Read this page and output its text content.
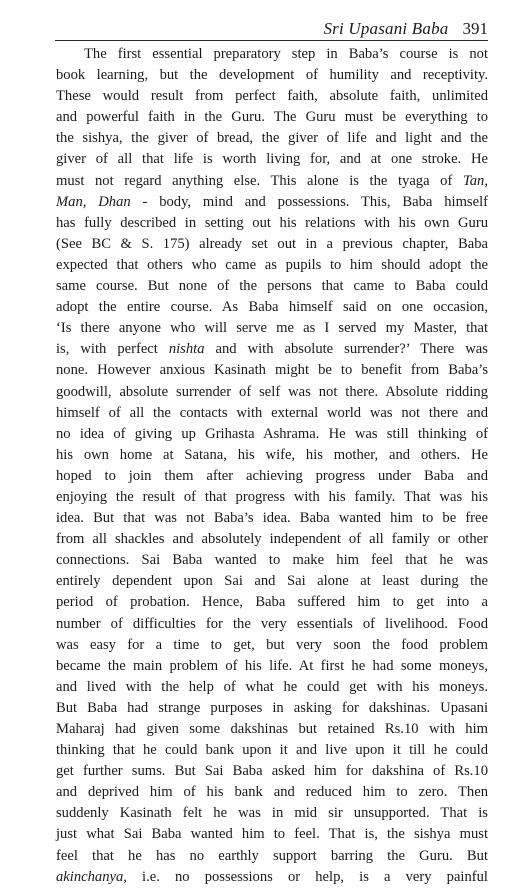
Sri Upasani Baba 391
The first essential preparatory step in Baba’s course is not
book learning, but the development of humility and receptivity.
These would result from perfect faith, absolute faith, unlimited
and powerful faith in the Guru. The Guru must be everything to
the sishya, the giver of bread, the giver of life and light and the
giver of all that life is worth living for, and at one stroke. He
must not regard anything else. This alone is the tyaga of Tan,
Man, Dhan - body, mind and possessions. This, Baba himself
has fully described in setting out his relations with his own Guru
(See BC & S. 175) already set out in a previous chapter, Baba
expected that others who came as pupils to him should adopt the
same course. But none of the persons that came to Baba could
adopt the entire course. As Baba himself said on one occasion,
‘Is there anyone who will serve me as I served my Master, that
is, with perfect nishta and with absolute surrender?’ There was
none. However anxious Kasinath might be to benefit from Baba’s
goodwill, absolute surrender of self was not there. Absolute ridding
himself of all the contacts with external world was not there and
no idea of giving up Grihasta Ashrama. He was still thinking of
his own home at Satana, his wife, his mother, and others. He
hoped to join them after achieving progress under Baba and
enjoying the result of that progress with his family. That was his
idea. But that was not Baba’s idea. Baba wanted him to be free
from all shackles and absolutely independent of all family or other
connections. Sai Baba wanted to make him feel that he was
entirely dependent upon Sai and Sai alone at least during the
period of probation. Hence, Baba suffered him to get into a
number of difficulties for the very essentials of livelihood. Food
was easy for a time to get, but very soon the food problem
became the main problem of his life. At first he had some moneys,
and lived with the help of what he could get with his moneys.
But Baba had strange purposes in asking for dakshinas. Upasani
Maharaj had given some dakshinas but retained Rs.10 with him
thinking that he could bank upon it and live upon it till he could
get further sums. But Sai Baba asked him for dakshina of Rs.10
and deprived him of his bank and reduced him to zero. Then
suddenly Kasinath felt he was in mid sir unsupported. That is
just what Sai Baba wanted him to feel. That is, the sishya must
feel that he has no earthly support barring the Guru. But
akinchanya, i.e. no possessions or help, is a very painful
